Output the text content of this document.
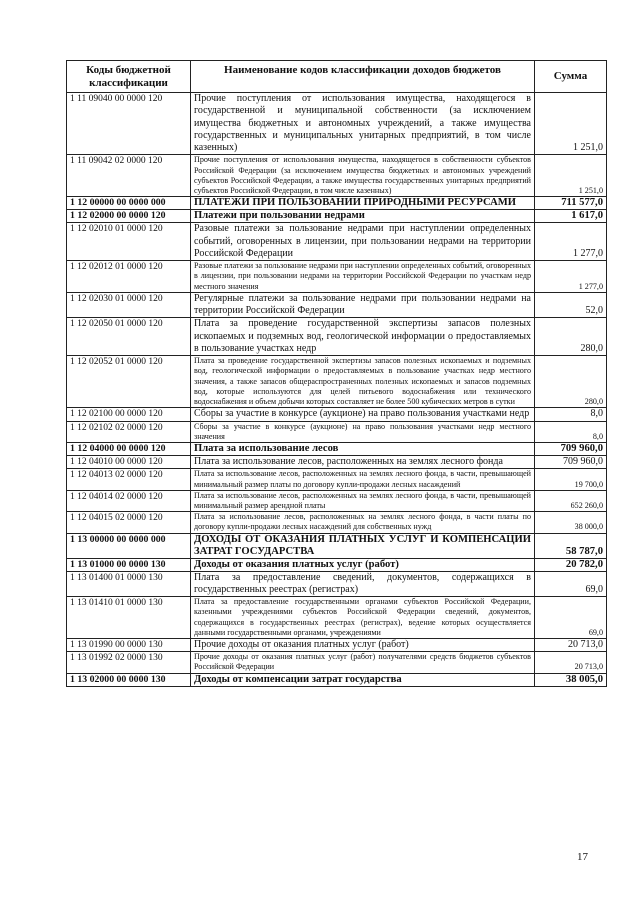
Коды бюджетной классификации	Наименование кодов классификации доходов бюджетов	Сумма
1 11 09040 00 0000 120	Прочие поступления от использования имущества, находящегося в государственной и муниципальной собственности (за исключением имущества бюджетных и автономных учреждений, а также имущества государственных и муниципальных унитарных предприятий, в том числе казенных)	1 251,0
1 11 09042 02 0000 120	Прочие поступления от использования имущества, находящегося в собственности субъектов Российской Федерации (за исключением имущества бюджетных и автономных учреждений субъектов Российской Федерации, а также имущества государственных унитарных предприятий субъектов Российской Федерации, в том числе казенных)	1 251,0
1 12 00000 00 0000 000	ПЛАТЕЖИ ПРИ ПОЛЬЗОВАНИИ ПРИРОДНЫМИ РЕСУРСАМИ	711 577,0
1 12 02000 00 0000 120	Платежи при пользовании недрами	1 617,0
1 12 02010 01 0000 120	Разовые платежи за пользование недрами при наступлении определенных событий, оговоренных в лицензии, при пользовании недрами на территории Российской Федерации	1 277,0
1 12 02012 01 0000 120	Разовые платежи за пользование недрами при наступлении определенных событий, оговоренных в лицензии, при пользовании недрами на территории Российской Федерации по участкам недр местного значения	1 277,0
1 12 02030 01 0000 120	Регулярные платежи за пользование недрами при пользовании недрами на территории Российской Федерации	52,0
1 12 02050 01 0000 120	Плата за проведение государственной экспертизы запасов полезных ископаемых и подземных вод, геологической информации о предоставляемых в пользование участках недр	280,0
1 12 02052 01 0000 120	Плата за проведение государственной экспертизы запасов полезных ископаемых и подземных вод, геологической информации о предоставляемых в пользование участках недр местного значения, а также запасов общераспространенных полезных ископаемых и запасов подземных вод, которые используются для целей питьевого водоснабжения или технического водоснабжения и объем добычи которых составляет не более 500 кубических метров в сутки	280,0
1 12 02100 00 0000 120	Сборы за участие в конкурсе (аукционе) на право пользования участками недр	8,0
1 12 02102 02 0000 120	Сборы за участие в конкурсе (аукционе) на право пользования участками недр местного значения	8,0
1 12 04000 00 0000 120	Плата за использование лесов	709 960,0
1 12 04010 00 0000 120	Плата за использование лесов, расположенных на землях лесного фонда	709 960,0
1 12 04013 02 0000 120	Плата за использование лесов, расположенных на землях лесного фонда, в части, превышающей минимальный размер платы по договору купли-продажи лесных насаждений	19 700,0
1 12 04014 02 0000 120	Плата за использование лесов, расположенных на землях лесного фонда, в части, превышающей минимальный размер арендной платы	652 260,0
1 12 04015 02 0000 120	Плата за использование лесов, расположенных на землях лесного фонда, в части платы по договору купли-продажи лесных насаждений для собственных нужд	38 000,0
1 13 00000 00 0000 000	ДОХОДЫ ОТ ОКАЗАНИЯ ПЛАТНЫХ УСЛУГ И КОМПЕНСАЦИИ ЗАТРАТ ГОСУДАРСТВА	58 787,0
1 13 01000 00 0000 130	Доходы от оказания платных услуг (работ)	20 782,0
1 13 01400 01 0000 130	Плата за предоставление сведений, документов, содержащихся в государственных реестрах (регистрах)	69,0
1 13 01410 01 0000 130	Плата за предоставление государственными органами субъектов Российской Федерации, казенными учреждениями субъектов Российской Федерации сведений, документов, содержащихся в государственных реестрах (регистрах), ведение которых осуществляется данными государственными органами, учреждениями	69,0
1 13 01990 00 0000 130	Прочие доходы от оказания платных услуг (работ)	20 713,0
1 13 01992 02 0000 130	Прочие доходы от оказания платных услуг (работ) получателями средств бюджетов субъектов Российской Федерации	20 713,0
1 13 02000 00 0000 130	Доходы от компенсации затрат государства	38 005,0
17
